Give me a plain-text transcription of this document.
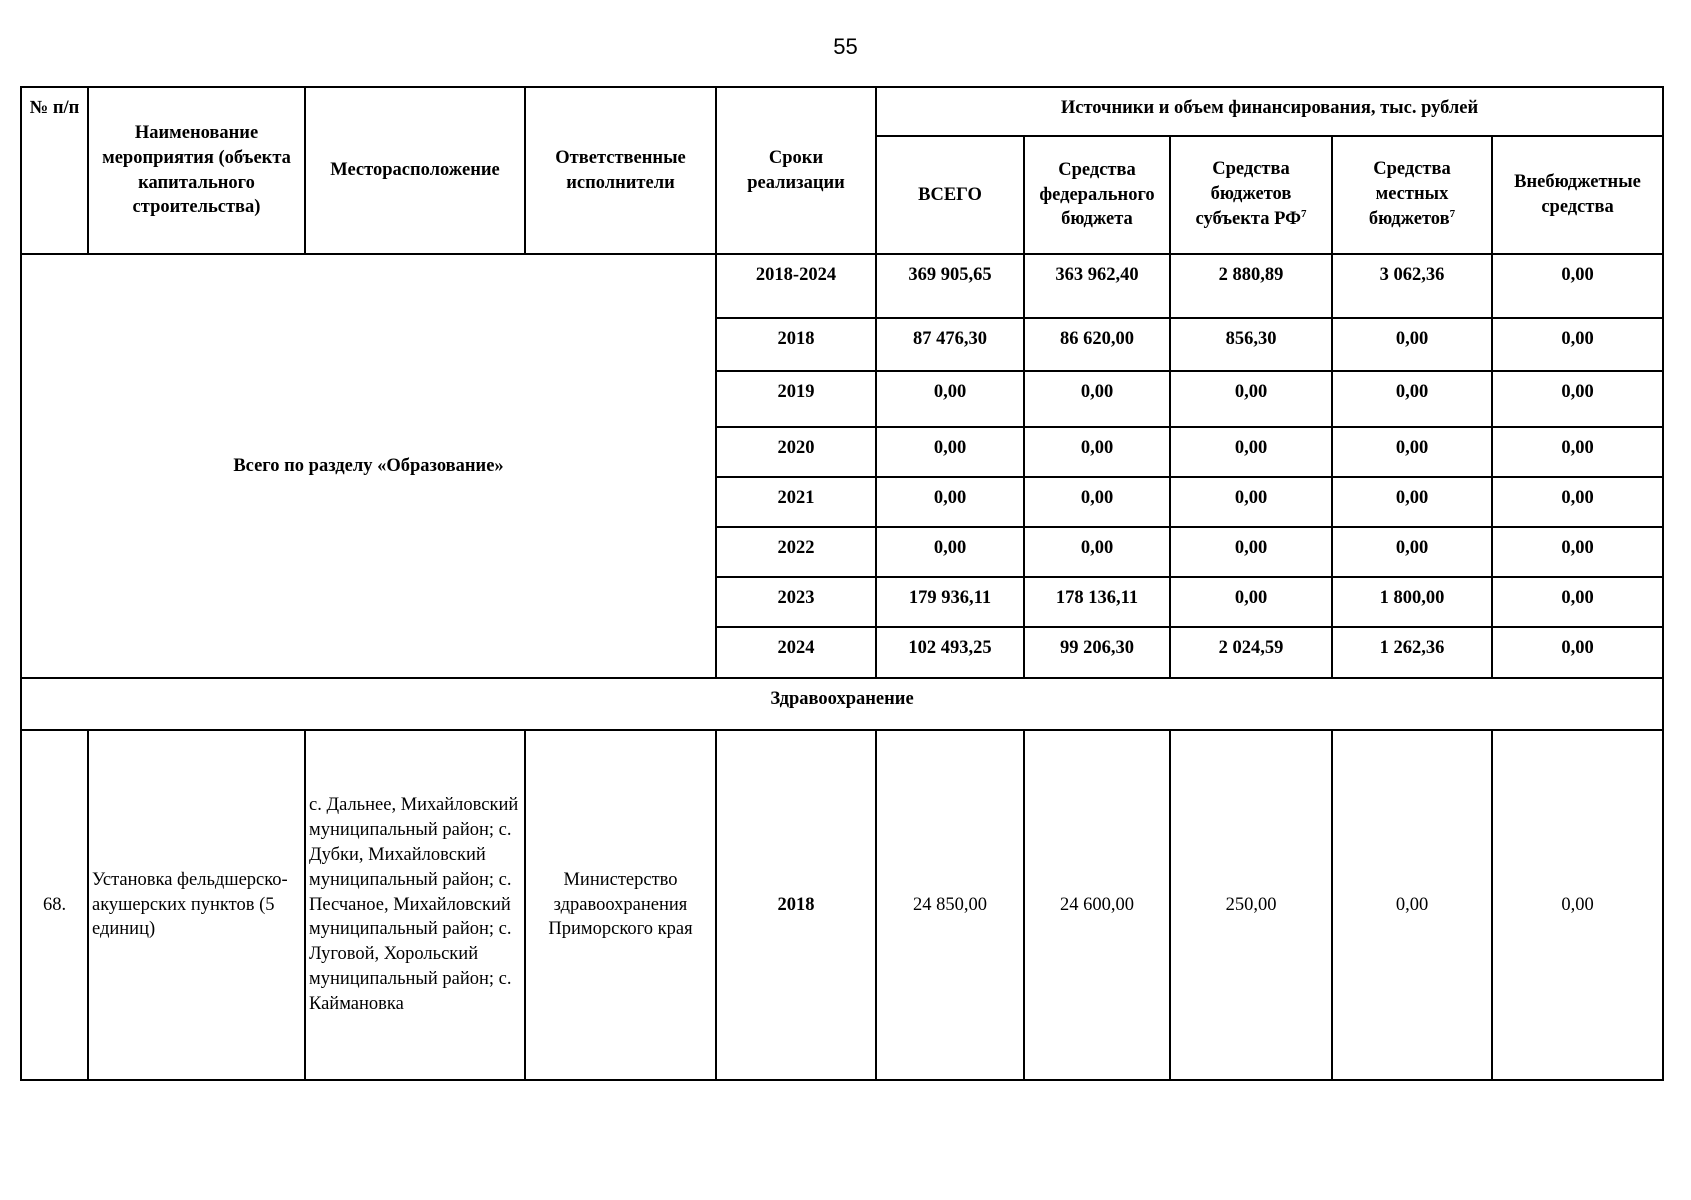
55
№ п/п	Наименование мероприятия (объекта капитального строительства)	Месторасположение	Ответственные исполнители	Сроки реализации	Источники и объем финансирования, тыс. рублей				
					ВСЕГО	Средства федерального бюджета	Средства бюджетов субъекта $РФ^7$	Средства местных бюджетов$^7$	Внебюджетные средства
Всего по разделу «Образование»				2018-2024	369 905,65	363 962,40	2 880,89	3 062,36	0,00
				2018	87 476,30	86 620,00	856,30	0,00	0,00
				2019	0,00	0,00	0,00	0,00	0,00
				2020	0,00	0,00	0,00	0,00	0,00
				2021	0,00	0,00	0,00	0,00	0,00
				2022	0,00	0,00	0,00	0,00	0,00
				2023	179 936,11	178 136,11	0,00	1 800,00	0,00
				2024	102 493,25	99 206,30	2 024,59	1 262,36	0,00
Здравоохранение									
68.	Установка фельдшерско-акушерских пунктов (5 единиц)	с. Дальнее, Михайловский муниципальный район; с. Дубки, Михайловский муниципальный район; с. Песчаное, Михайловский муниципальный район; с. Луговой, Хорольский муниципальный район; с. Каймановка	Министерство здравоохранения Приморского края	2018	24 850,00	24 600,00	250,00	0,00	0,00
